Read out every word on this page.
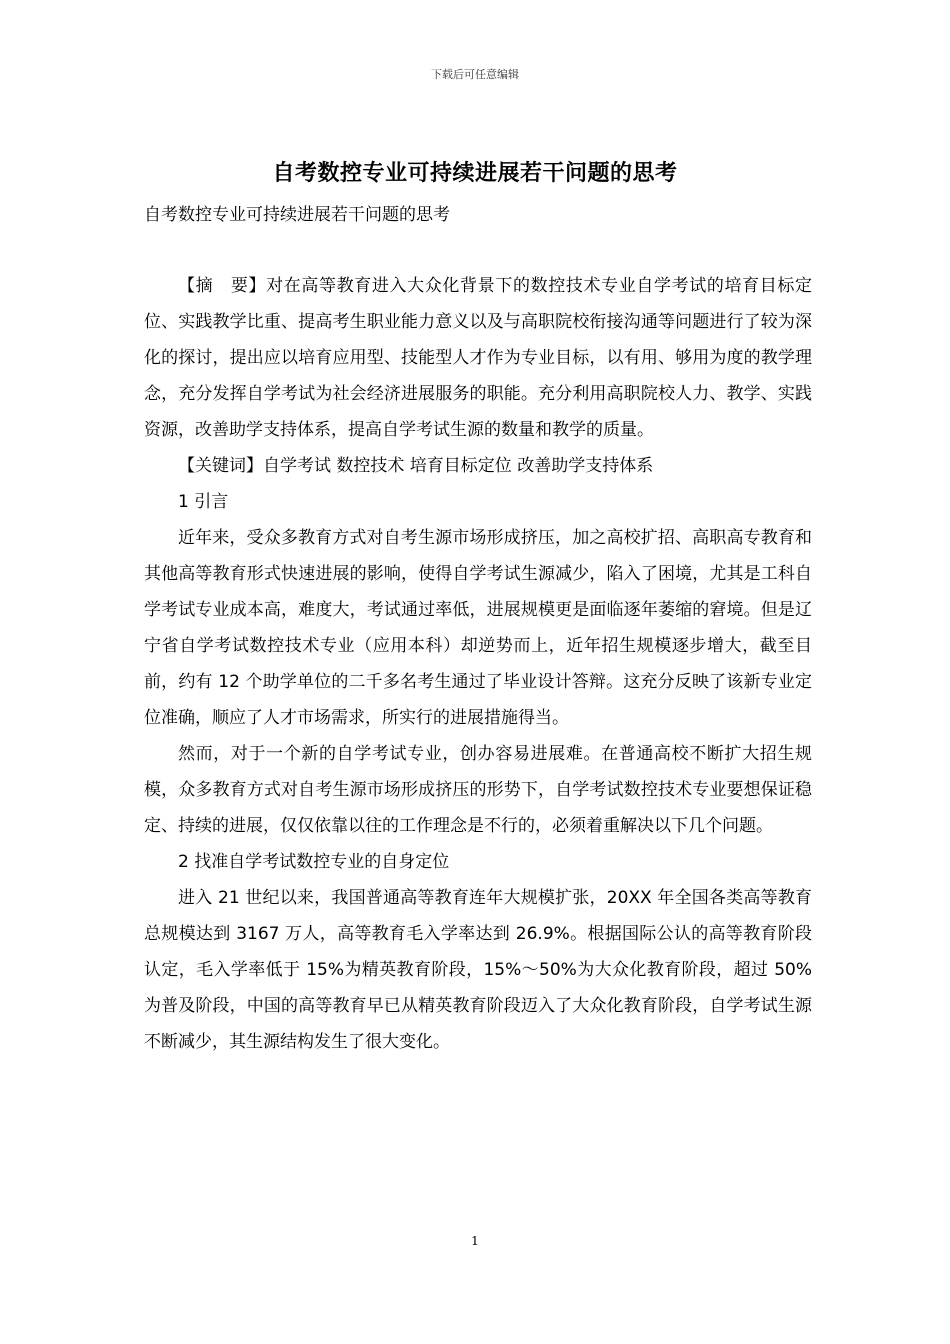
下载后可任意编辑
自考数控专业可持续进展若干问题的思考
自考数控专业可持续进展若干问题的思考

【摘　要】对在高等教育进入大众化背景下的数控技术专业自学考试的培育目标定位、实践教学比重、提高考生职业能力意义以及与高职院校衔接沟通等问题进行了较为深化的探讨，提出应以培育应用型、技能型人才作为专业目标，以有用、够用为度的教学理念，充分发挥自学考试为社会经济进展服务的职能。充分利用高职院校人力、教学、实践资源，改善助学支持体系，提高自学考试生源的数量和教学的质量。

【关键词】自学考试 数控技术 培育目标定位 改善助学支持体系

1 引言

近年来，受众多教育方式对自考生源市场形成挤压，加之高校扩招、高职高专教育和其他高等教育形式快速进展的影响，使得自学考试生源减少，陷入了困境，尤其是工科自学考试专业成本高，难度大，考试通过率低，进展规模更是面临逐年萎缩的窘境。但是辽宁省自学考试数控技术专业（应用本科）却逆势而上，近年招生规模逐步增大，截至目前，约有 12 个助学单位的二千多名考生通过了毕业设计答辩。这充分反映了该新专业定位准确，顺应了人才市场需求，所实行的进展措施得当。

然而，对于一个新的自学考试专业，创办容易进展难。在普通高校不断扩大招生规模，众多教育方式对自考生源市场形成挤压的形势下，自学考试数控技术专业要想保证稳定、持续的进展，仅仅依靠以往的工作理念是不行的，必须着重解决以下几个问题。

2 找准自学考试数控专业的自身定位

进入 21 世纪以来，我国普通高等教育连年大规模扩张，20XX 年全国各类高等教育总规模达到 3167 万人，高等教育毛入学率达到 26.9%。根据国际公认的高等教育阶段认定，毛入学率低于 15%为精英教育阶段，15%～50%为大众化教育阶段，超过 50%为普及阶段，中国的高等教育早已从精英教育阶段迈入了大众化教育阶段，自学考试生源不断减少，其生源结构发生了很大变化。

1
